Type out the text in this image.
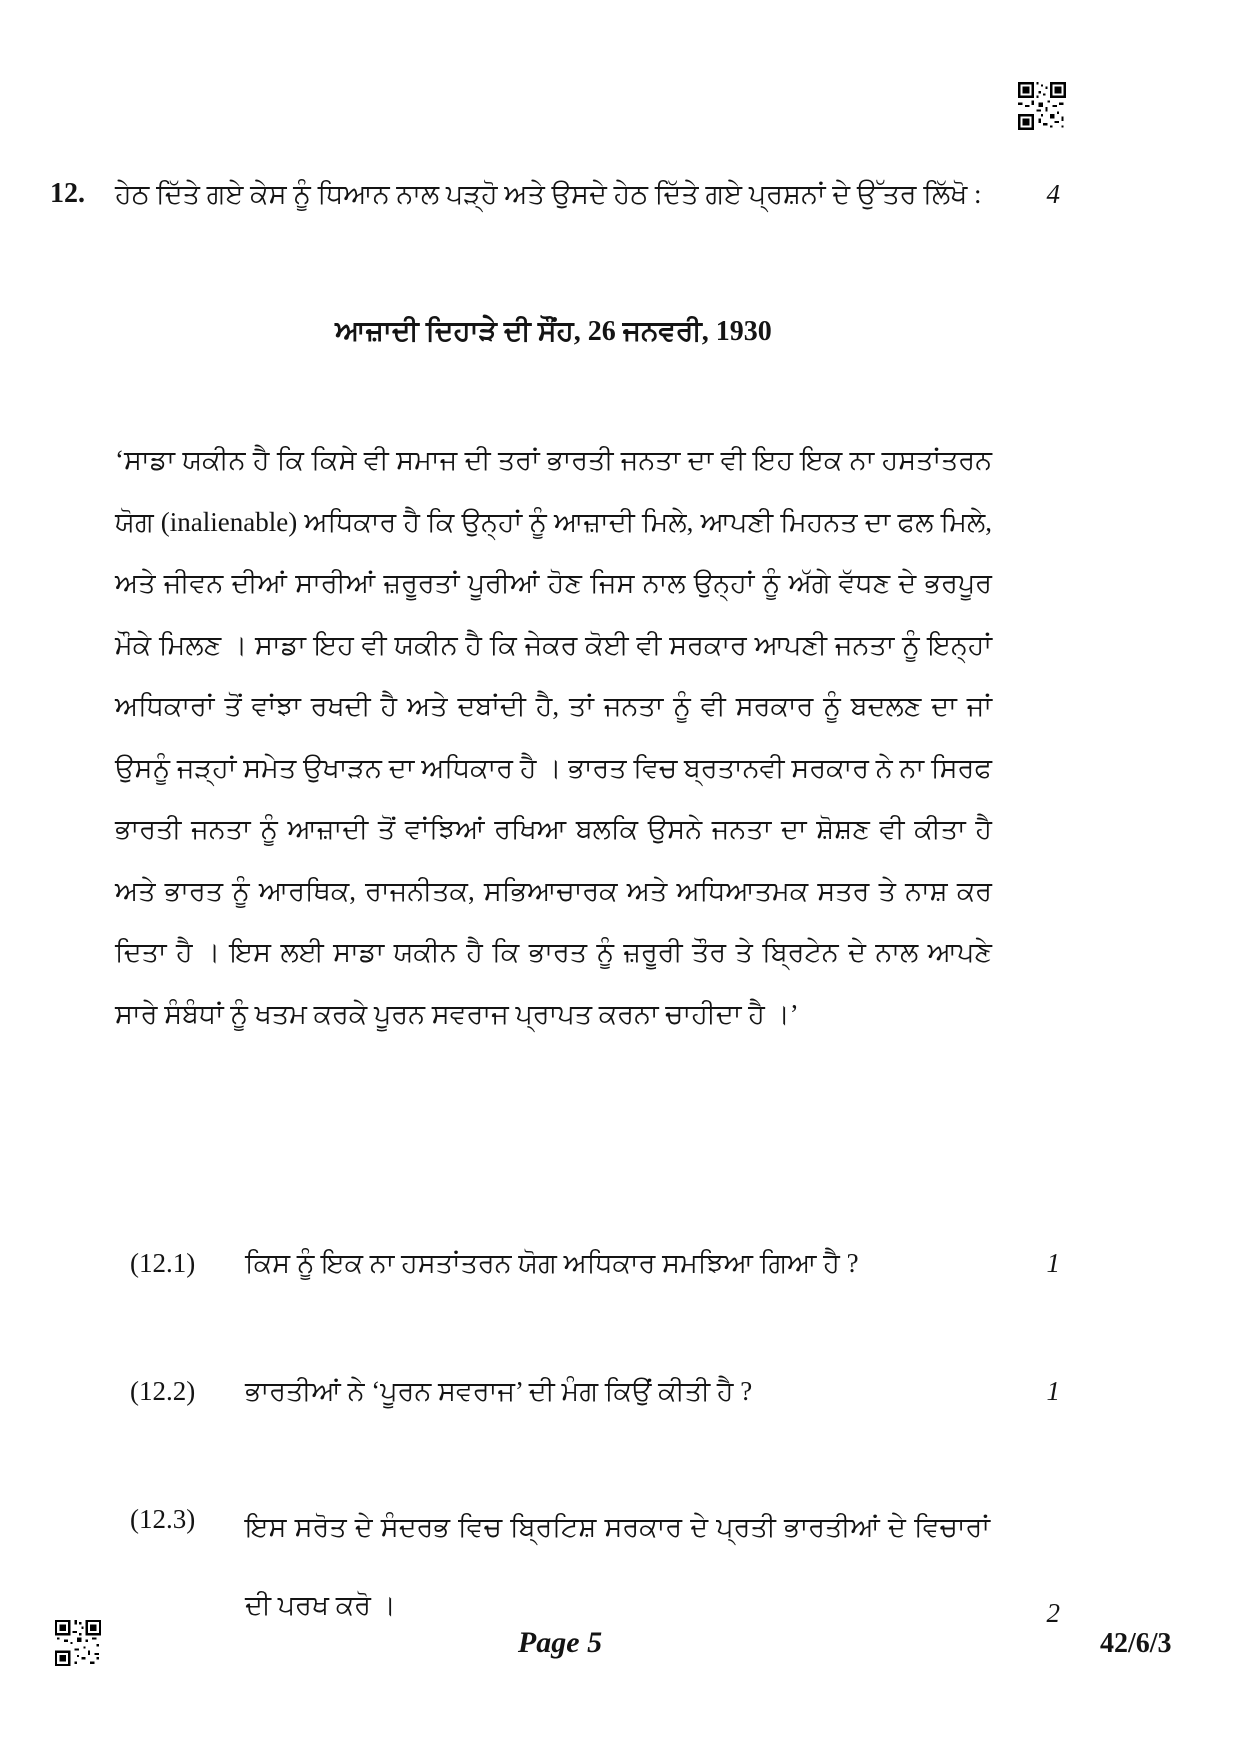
12.	ਹੇਠ ਦਿੱਤੇ ਗਏ ਕੇਸ ਨੂੰ ਧਿਆਨ ਨਾਲ ਪੜ੍ਹੋ ਅਤੇ ਉਸਦੇ ਹੇਠ ਦਿੱਤੇ ਗਏ ਪ੍ਰਸ਼ਨਾਂ ਦੇ ਉੱਤਰ ਲਿੱਖੋ :	4
ਆਜ਼ਾਦੀ ਦਿਹਾੜੇ ਦੀ ਸੌਂਹ, 26 ਜਨਵਰੀ, 1930
‘ਸਾਡਾ ਯਕੀਨ ਹੈ ਕਿ ਕਿਸੇ ਵੀ ਸਮਾਜ ਦੀ ਤਰਾਂ ਭਾਰਤੀ ਜਨਤਾ ਦਾ ਵੀ ਇਹ ਇਕ ਨਾ ਹਸਤਾਂਤਰਨ ਯੋਗ (inalienable) ਅਧਿਕਾਰ ਹੈ ਕਿ ਉਨ੍ਹਾਂ ਨੂੰ ਆਜ਼ਾਦੀ ਮਿਲੇ, ਆਪਣੀ ਮਿਹਨਤ ਦਾ ਫਲ ਮਿਲੇ, ਅਤੇ ਜੀਵਨ ਦੀਆਂ ਸਾਰੀਆਂ ਜ਼ਰੂਰਤਾਂ ਪੂਰੀਆਂ ਹੋਣ ਜਿਸ ਨਾਲ ਉਨ੍ਹਾਂ ਨੂੰ ਅੱਗੇ ਵੱਧਣ ਦੇ ਭਰਪੂਰ ਮੌਕੇ ਮਿਲਣ । ਸਾਡਾ ਇਹ ਵੀ ਯਕੀਨ ਹੈ ਕਿ ਜੇਕਰ ਕੋਈ ਵੀ ਸਰਕਾਰ ਆਪਣੀ ਜਨਤਾ ਨੂੰ ਇਨ੍ਹਾਂ ਅਧਿਕਾਰਾਂ ਤੋਂ ਵਾਂਝਾ ਰਖਦੀ ਹੈ ਅਤੇ ਦਬਾਂਦੀ ਹੈ, ਤਾਂ ਜਨਤਾ ਨੂੰ ਵੀ ਸਰਕਾਰ ਨੂੰ ਬਦਲਣ ਦਾ ਜਾਂ ਉਸਨੂੰ ਜੜ੍ਹਾਂ ਸਮੇਤ ਉਖਾੜਨ ਦਾ ਅਧਿਕਾਰ ਹੈ । ਭਾਰਤ ਵਿਚ ਬ੍ਰਤਾਨਵੀ ਸਰਕਾਰ ਨੇ ਨਾ ਸਿਰਫ ਭਾਰਤੀ ਜਨਤਾ ਨੂੰ ਆਜ਼ਾਦੀ ਤੋਂ ਵਾਂਝਿਆਂ ਰਖਿਆ ਬਲਕਿ ਉਸਨੇ ਜਨਤਾ ਦਾ ਸ਼ੋਸ਼ਣ ਵੀ ਕੀਤਾ ਹੈ ਅਤੇ ਭਾਰਤ ਨੂੰ ਆਰਥਿਕ, ਰਾਜਨੀਤਕ, ਸਭਿਆਚਾਰਕ ਅਤੇ ਅਧਿਆਤਮਕ ਸਤਰ ਤੇ ਨਾਸ਼ ਕਰ ਦਿਤਾ ਹੈ । ਇਸ ਲਈ ਸਾਡਾ ਯਕੀਨ ਹੈ ਕਿ ਭਾਰਤ ਨੂੰ ਜ਼ਰੂਰੀ ਤੌਰ ਤੇ ਬ੍ਰਿਟੇਨ ਦੇ ਨਾਲ ਆਪਣੇ ਸਾਰੇ ਸੰਬੰਧਾਂ ਨੂੰ ਖਤਮ ਕਰਕੇ ਪੂਰਨ ਸਵਰਾਜ ਪ੍ਰਾਪਤ ਕਰਨਾ ਚਾਹੀਦਾ ਹੈ ।’
(12.1)	ਕਿਸ ਨੂੰ ਇਕ ਨਾ ਹਸਤਾਂਤਰਨ ਯੋਗ ਅਧਿਕਾਰ ਸਮਝਿਆ ਗਿਆ ਹੈ ?	1
(12.2)	ਭਾਰਤੀਆਂ ਨੇ ‘ਪੂਰਨ ਸਵਰਾਜ’ ਦੀ ਮੰਗ ਕਿਉਂ ਕੀਤੀ ਹੈ ?	1
(12.3)	ਇਸ ਸਰੋਤ ਦੇ ਸੰਦਰਭ ਵਿਚ ਬ੍ਰਿਟਿਸ਼ ਸਰਕਾਰ ਦੇ ਪ੍ਰਤੀ ਭਾਰਤੀਆਂ ਦੇ ਵਿਚਾਰਾਂ ਦੀ ਪਰਖ ਕਰੋ ।	2
Page 5	42/6/3
